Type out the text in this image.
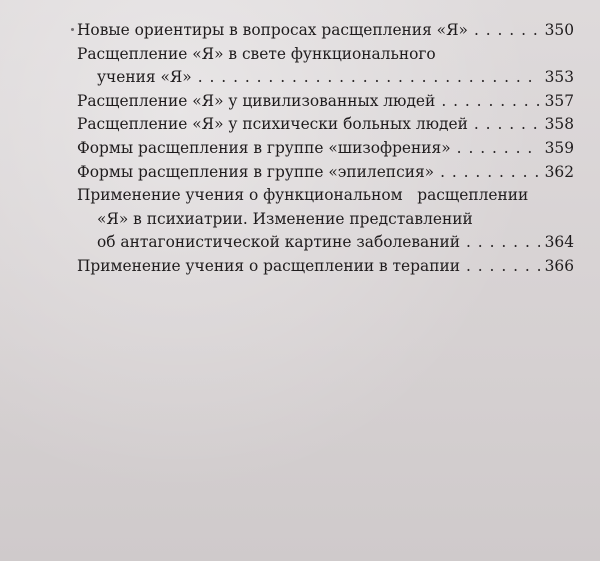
Новые ориентиры в вопросах расщепления «Я» . . .	350
Расщепление «Я» в свете функционального
учения «Я» . . .	353
Расщепление «Я» у цивилизованных людей . . .	357
Расщепление «Я» у психически больных людей . . .	358
Формы расщепления в группе «шизофрения» . . .	359
Формы расщепления в группе «эпилепсия» . . .	362
Применение учения о функциональном   расщеплении
«Я» в психиатрии. Изменение представлений
об антагонистической картине заболеваний . . .	364
Применение учения о расщеплении в терапии . . .	366
